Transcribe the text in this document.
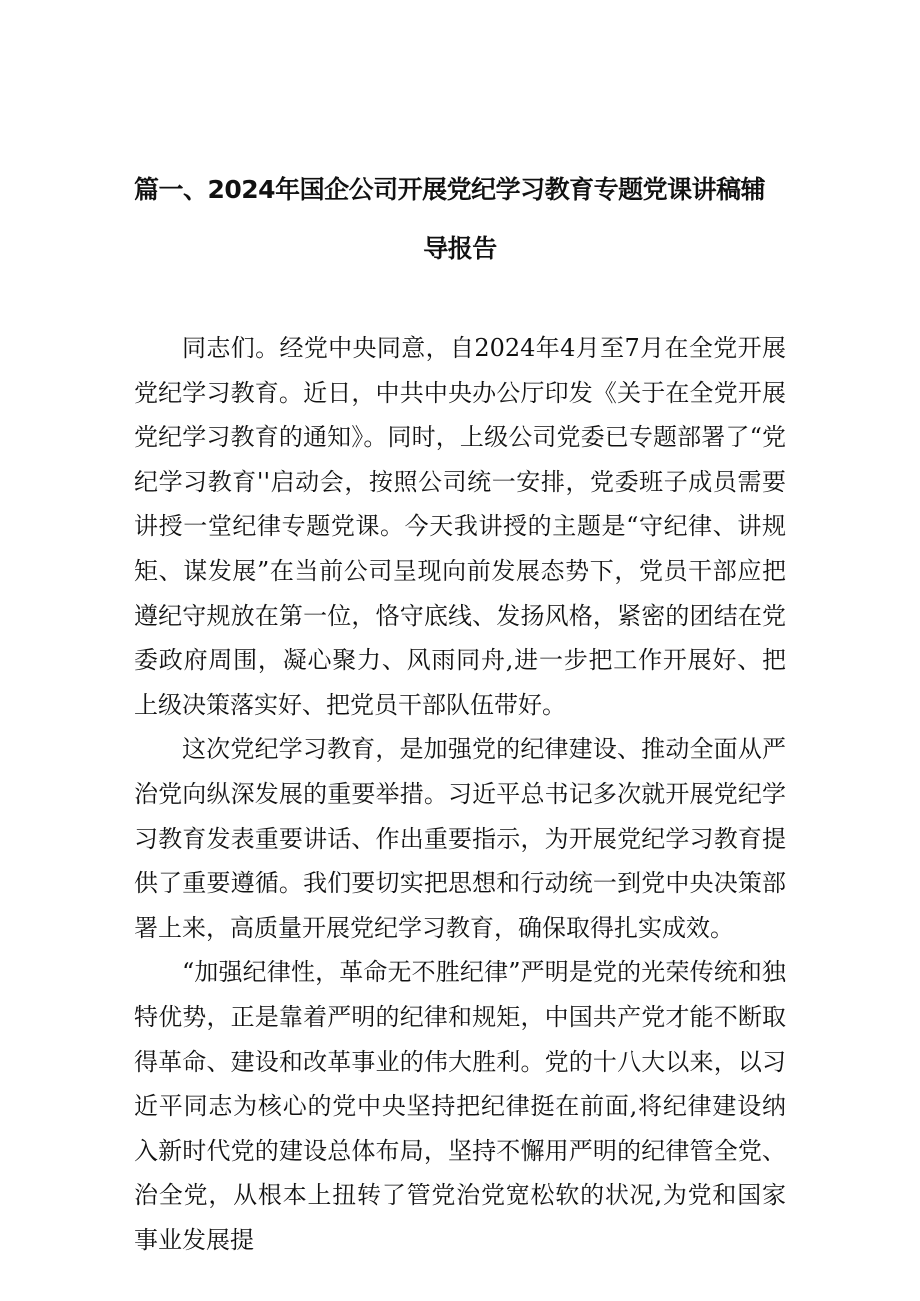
篇一、2024年国企公司开展党纪学习教育专题党课讲稿辅
导报告

同志们。经党中央同意，自2024年4月至7月在全党开展党纪学习教育。近日，中共中央办公厅印发《关于在全党开展党纪学习教育的通知》。同时，上级公司党委已专题部署了“党纪学习教育''启动会，按照公司统一安排，党委班子成员需要讲授一堂纪律专题党课。今天我讲授的主题是“守纪律、讲规矩、谋发展”在当前公司呈现向前发展态势下，党员干部应把遵纪守规放在第一位，恪守底线、发扬风格，紧密的团结在党委政府周围，凝心聚力、风雨同舟,进一步把工作开展好、把上级决策落实好、把党员干部队伍带好。

这次党纪学习教育，是加强党的纪律建设、推动全面从严治党向纵深发展的重要举措。习近平总书记多次就开展党纪学习教育发表重要讲话、作出重要指示，为开展党纪学习教育提供了重要遵循。我们要切实把思想和行动统一到党中央决策部署上来，高质量开展党纪学习教育，确保取得扎实成效。

“加强纪律性，革命无不胜纪律”严明是党的光荣传统和独特优势，正是靠着严明的纪律和规矩，中国共产党才能不断取得革命、建设和改革事业的伟大胜利。党的十八大以来，以习近平同志为核心的党中央坚持把纪律挺在前面,将纪律建设纳入新时代党的建设总体布局，坚持不懈用严明的纪律管全党、治全党，从根本上扭转了管党治党宽松软的状况,为党和国家事业发展提
